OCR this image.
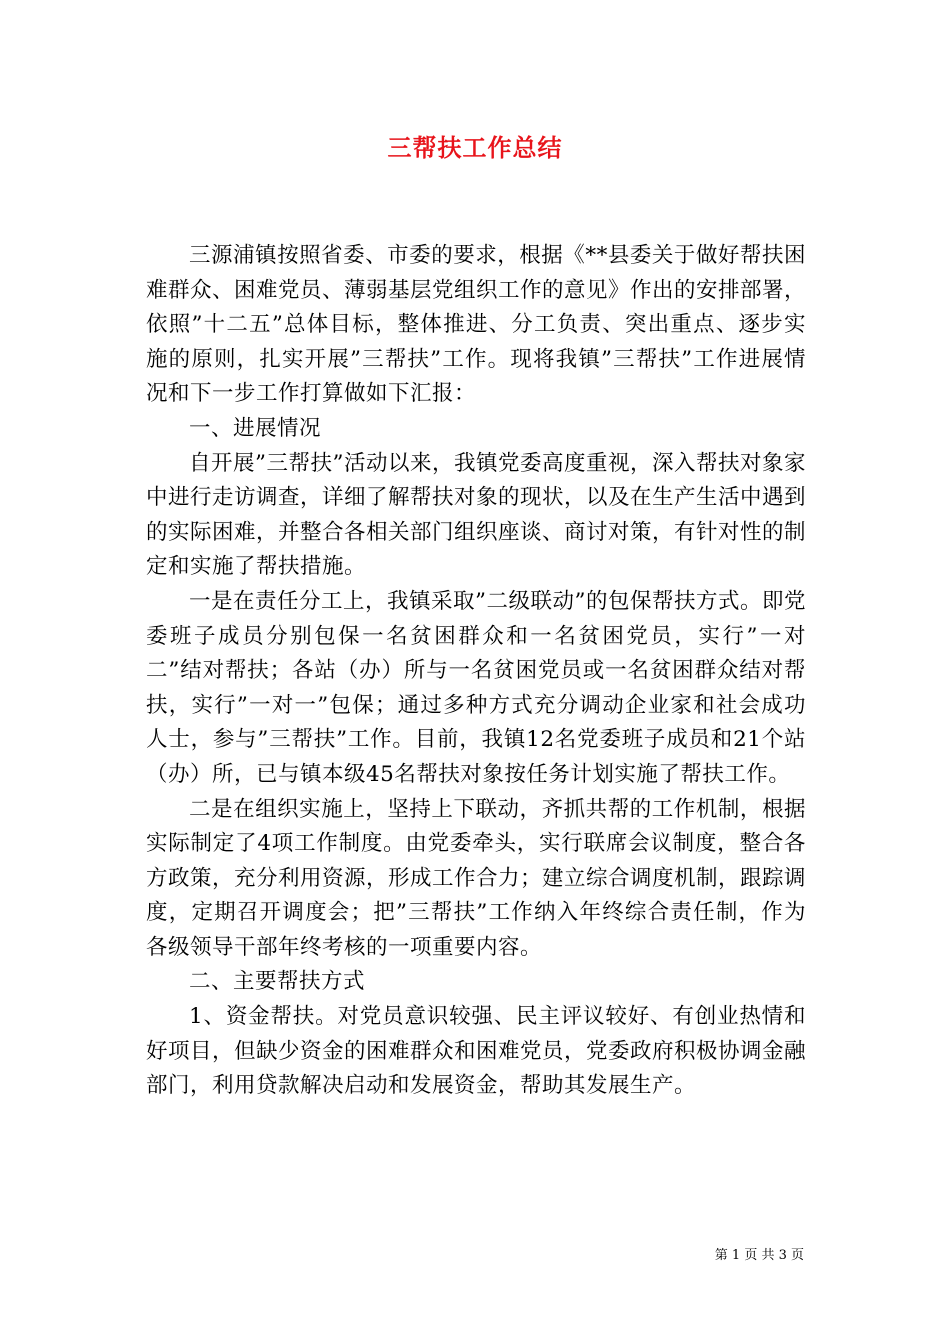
三帮扶工作总结

三源浦镇按照省委、市委的要求，根据《**县委关于做好帮扶困难群众、困难党员、薄弱基层党组织工作的意见》作出的安排部署，依照”十二五”总体目标，整体推进、分工负责、突出重点、逐步实施的原则，扎实开展”三帮扶”工作。现将我镇”三帮扶”工作进展情况和下一步工作打算做如下汇报：

一、进展情况

自开展”三帮扶”活动以来，我镇党委高度重视，深入帮扶对象家中进行走访调查，详细了解帮扶对象的现状，以及在生产生活中遇到的实际困难，并整合各相关部门组织座谈、商讨对策，有针对性的制定和实施了帮扶措施。

一是在责任分工上，我镇采取”二级联动”的包保帮扶方式。即党委班子成员分别包保一名贫困群众和一名贫困党员，实行”一对二”结对帮扶；各站（办）所与一名贫困党员或一名贫困群众结对帮扶，实行”一对一”包保；通过多种方式充分调动企业家和社会成功人士，参与”三帮扶”工作。目前，我镇12名党委班子成员和21个站（办）所，已与镇本级45名帮扶对象按任务计划实施了帮扶工作。

二是在组织实施上，坚持上下联动，齐抓共帮的工作机制，根据实际制定了4项工作制度。由党委牵头，实行联席会议制度，整合各方政策，充分利用资源，形成工作合力；建立综合调度机制，跟踪调度，定期召开调度会；把”三帮扶”工作纳入年终综合责任制，作为各级领导干部年终考核的一项重要内容。

二、主要帮扶方式

1、资金帮扶。对党员意识较强、民主评议较好、有创业热情和好项目，但缺少资金的困难群众和困难党员，党委政府积极协调金融部门，利用贷款解决启动和发展资金，帮助其发展生产。

第 1 页 共 3 页
